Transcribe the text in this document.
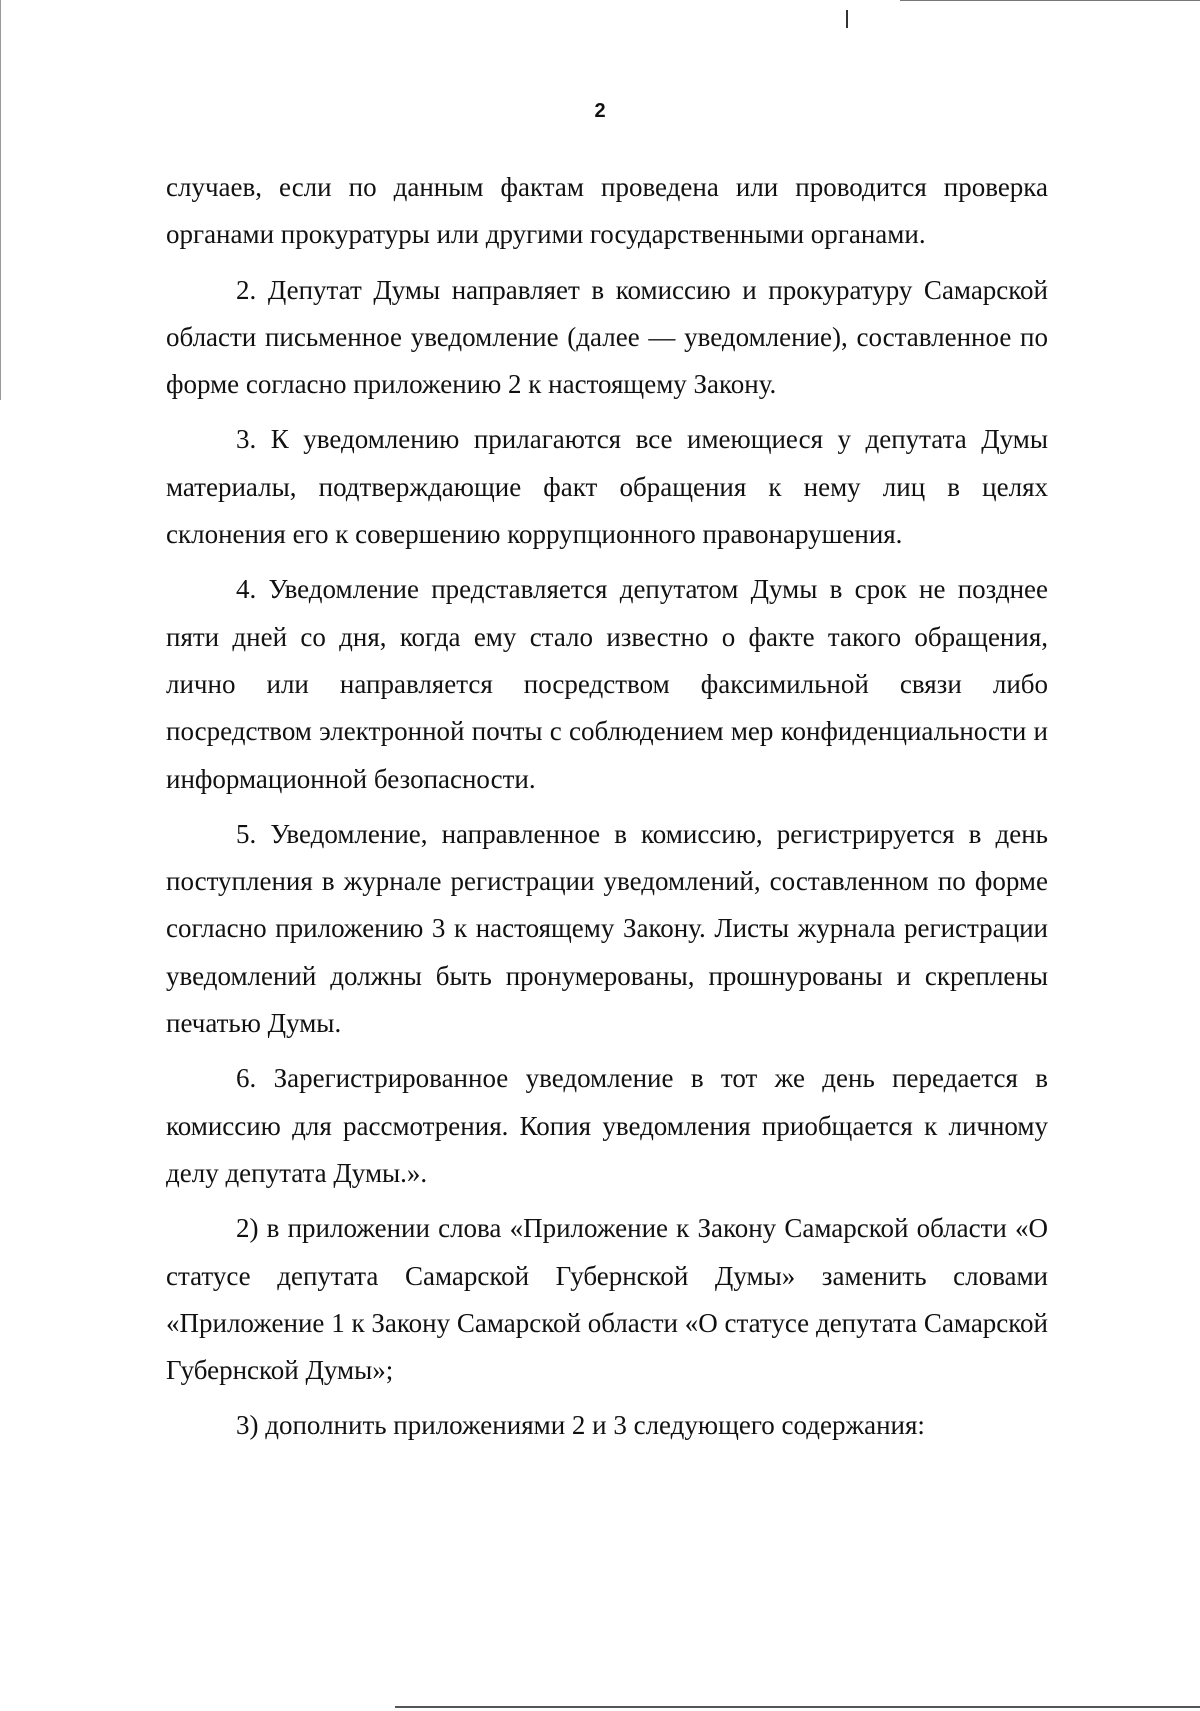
2

случаев, если по данным фактам проведена или проводится проверка органами прокуратуры или другими государственными органами.

2. Депутат Думы направляет в комиссию и прокуратуру Самарской области письменное уведомление (далее — уведомление), составленное по форме согласно приложению 2 к настоящему Закону.

3. К уведомлению прилагаются все имеющиеся у депутата Думы материалы, подтверждающие факт обращения к нему лиц в целях склонения его к совершению коррупционного правонарушения.

4. Уведомление представляется депутатом Думы в срок не позднее пяти дней со дня, когда ему стало известно о факте такого обращения, лично или направляется посредством факсимильной связи либо посредством электронной почты с соблюдением мер конфиденциальности и информационной безопасности.

5. Уведомление, направленное в комиссию, регистрируется в день поступления в журнале регистрации уведомлений, составленном по форме согласно приложению 3 к настоящему Закону. Листы журнала регистрации уведомлений должны быть пронумерованы, прошнурованы и скреплены печатью Думы.

6. Зарегистрированное уведомление в тот же день передается в комиссию для рассмотрения. Копия уведомления приобщается к личному делу депутата Думы.».

2) в приложении слова «Приложение к Закону Самарской области «О статусе депутата Самарской Губернской Думы» заменить словами «Приложение 1 к Закону Самарской области «О статусе депутата Самарской Губернской Думы»;

3) дополнить приложениями 2 и 3 следующего содержания:
